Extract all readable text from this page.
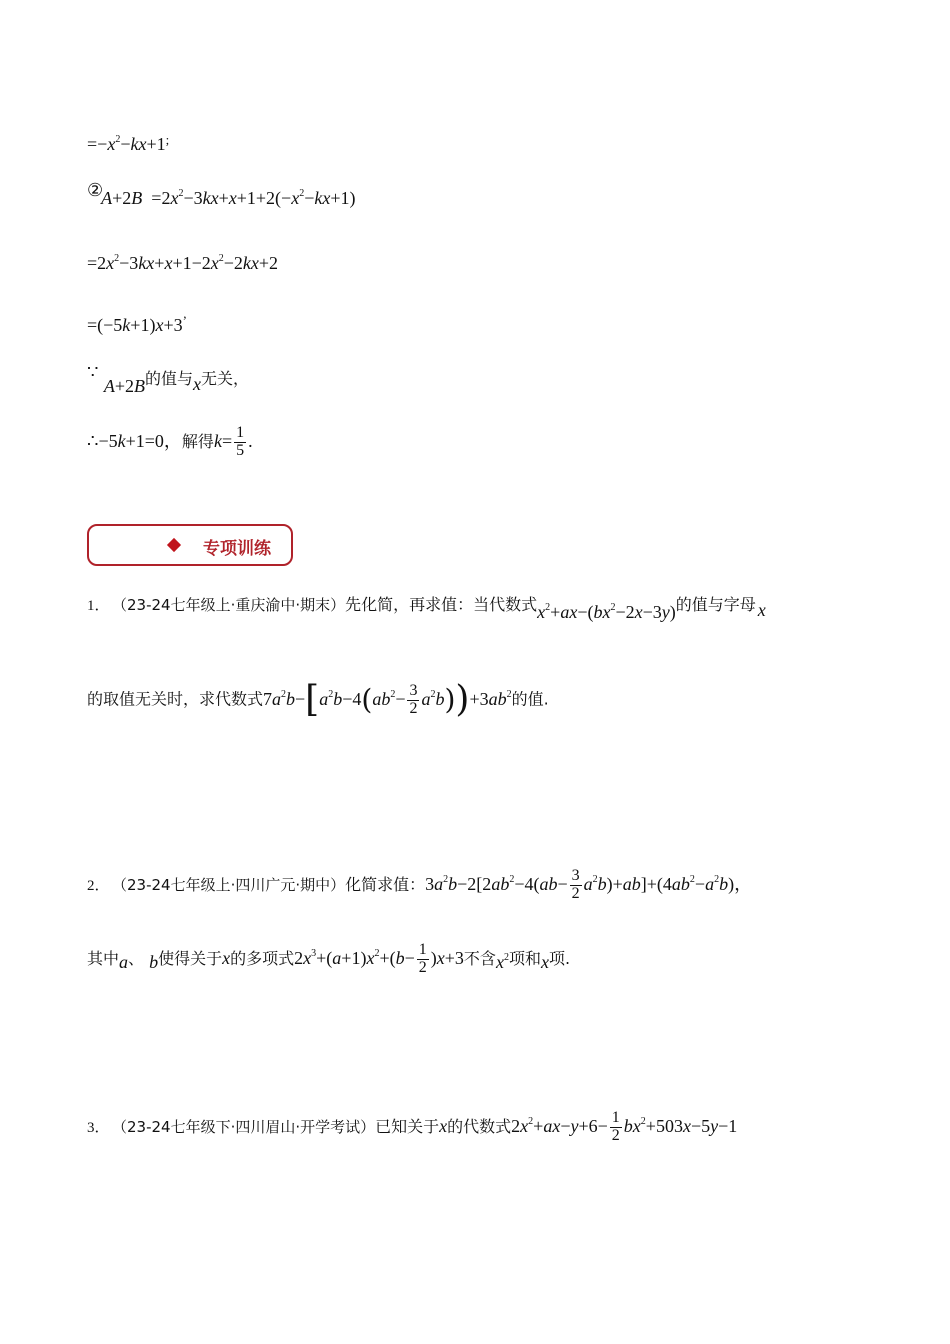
$=-x^2-kx+1^;$
②A+2B  $=2x^2-3kx+x+1+2(-x^2-kx+1)$
$=2x^2-3kx+x+1-2x^2-2kx+2$
=(−5k+1)x+3’
∵ A+2B的值与x无关，
∴−5k+1=0，解得$k= \frac{1}{5}$ .
专项训练
1． （23-24七年级上·重庆渝中·期末）先化简，再求值：当代数式$x^2+ax-(bx^2-2x-3y)$的值与字母 x
的取值无关时，求代数式$7a^2b-[a^2b-4(ab^2- \frac{3}{2} a^2b))+3ab^2$的值.
2． （23-24七年级上·四川广元·期中）化简求值：$3a^2b-2[2ab^2-4(ab- \frac{3}{2} a^2b)+ab]+(4ab^2-a^2b)$，
其中a、 b使得关于x的多项式$2x^3+(a+1)x^2+(b- \frac{1}{2} )x+3$不含$x^2$项和x项.
3． （23-24七年级下·四川眉山·开学考试）已知关于x的代数式$2x^2+ax-y+6- \frac{1}{2} bx^2+503x-5y-1$
